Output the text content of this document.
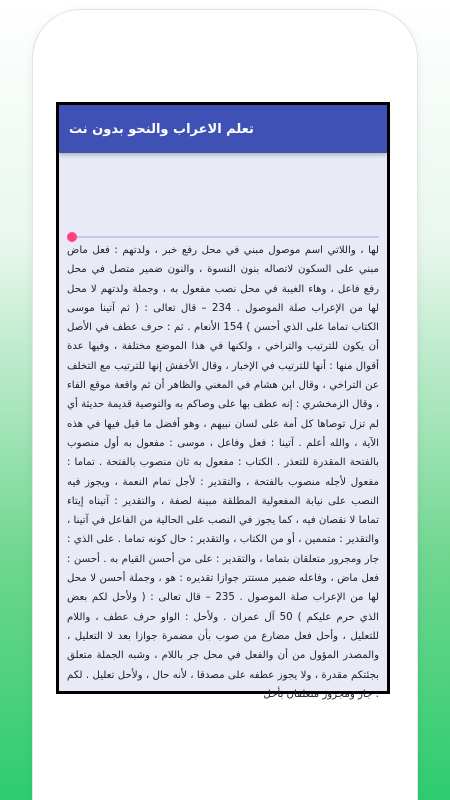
تعلم الاعراب والنحو بدون نت

لها ، واللاتي اسم موصول مبني في محل رفع خبر ، ولدتهم : فعل ماض مبني على السكون لاتصاله بنون النسوة ، والنون ضمير متصل في محل رفع فاعل ، وهاء الغيبة في محل نصب مفعول به ، وجملة ولدتهم لا محل لها من الإعراب صلة الموصول . 234 – قال تعالى : ( ثم آتينا موسى الكتاب تماما على الذي أحسن ) 154 الأنعام . ثم : حرف عطف في الأصل أن يكون للترتيب والتراخي ، ولكنها في هذا الموضع مختلفة ، وفيها عدة أقوال منها : أنها للترتيب في الإخبار ، وقال الأخفش إنها للترتيب مع التخلف عن التراخي ، وقال ابن هشام في المغني والظاهر أن ثم واقعة موقع الفاء ، وقال الزمخشري : إنه عطف بها على وصاكم به والتوصية قديمة حديثة أي لم تزل توصاها كل أمة على لسان نبيهم ، وهو أفضل ما قيل فيها في هذه الآية ، والله أعلم . آتينا : فعل وفاعل ، موسى : مفعول به أول منصوب بالفتحة المقدرة للتعذر . الكتاب : مفعول به ثان منصوب بالفتحة . تماما : مفعول لأجله منصوب بالفتحة ، والتقدير : لأجل تمام النعمة ، ويجوز فيه النصب على نيابة المفعولية المطلقة مبينة لصفة ، والتقدير : آتيناه إيتاء تماما لا نقصان فيه ، كما يجوز في النصب على الحالية من الفاعل في آتينا ، والتقدير : متممين ، أو من الكتاب ، والتقدير : حال كونه تماما . على الذي : جار ومجرور متعلقان بتماما ، والتقدير : على من أحسن القيام به . أحسن : فعل ماض ، وفاعله ضمير مستتر جوازا تقديره : هو ، وجملة أحسن لا محل لها من الإعراب صلة الموصول . 235 – قال تعالى : ( ولأحل لكم بعض الذي حرم عليكم ) 50 آل عمران . ولأحل : الواو حرف عطف ، واللام للتعليل ، وأحل فعل مضارع من صوب بأن مضمرة جوازا بعد لا التعليل ، والمصدر المؤول من أن والفعل في محل جر باللام ، وشبه الجملة متعلق بجئتكم مقدرة ، ولا يجوز عطفه على مصدقا ، لأنه حال ، ولأحل تعليل . لكم : جار ومجرور متعلقان بأحل
